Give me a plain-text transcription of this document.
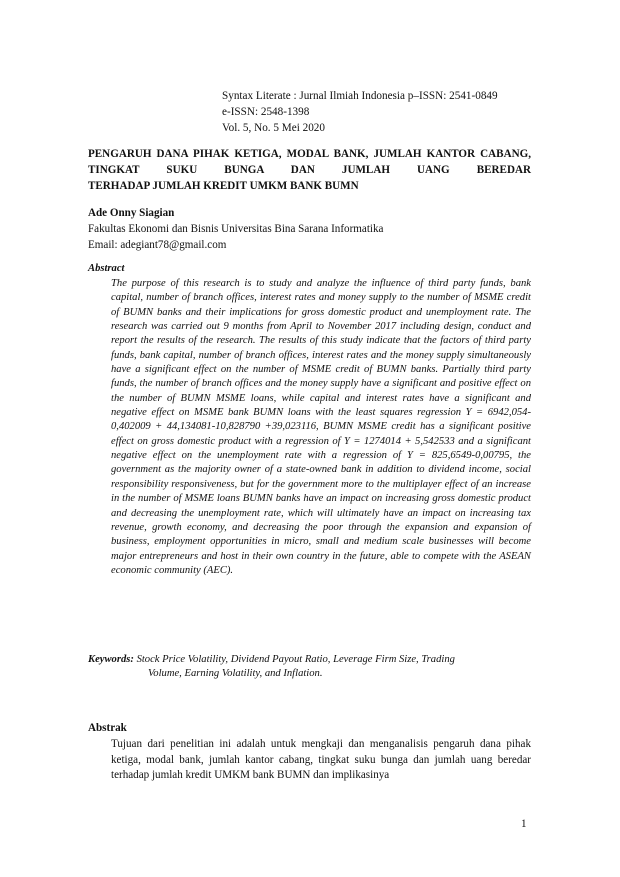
Syntax Literate : Jurnal Ilmiah Indonesia p–ISSN: 2541-0849
e-ISSN: 2548-1398
Vol. 5, No. 5 Mei 2020
PENGARUH DANA PIHAK KETIGA, MODAL BANK, JUMLAH KANTOR CABANG, TINGKAT SUKU BUNGA DAN JUMLAH UANG BEREDAR
TERHADAP JUMLAH KREDIT UMKM BANK BUMN
Ade Onny Siagian
Fakultas Ekonomi dan Bisnis Universitas Bina Sarana Informatika
Email: adegiant78@gmail.com
Abstract
The purpose of this research is to study and analyze the influence of third party funds, bank capital, number of branch offices, interest rates and money supply to the number of MSME credit of BUMN banks and their implications for gross domestic product and unemployment rate. The research was carried out 9 months from April to November 2017 including design, conduct and report the results of the research. The results of this study indicate that the factors of third party funds, bank capital, number of branch offices, interest rates and the money supply simultaneously have a significant effect on the number of MSME credit of BUMN banks. Partially third party funds, the number of branch offices and the money supply have a significant and positive effect on the number of BUMN MSME loans, while capital and interest rates have a significant and negative effect on MSME bank BUMN loans with the least squares regression Y = 6942,054-0,402009 + 44,134081-10,828790 +39,023116, BUMN MSME credit has a significant positive effect on gross domestic product with a regression of Y = 1274014 + 5,542533 and a significant negative effect on the unemployment rate with a regression of Y = 825,6549-0,00795, the government as the majority owner of a state-owned bank in addition to dividend income, social responsibility responsiveness, but for the government more to the multiplayer effect of an increase in the number of MSME loans BUMN banks have an impact on increasing gross domestic product and decreasing the unemployment rate, which will ultimately have an impact on increasing tax revenue, growth economy, and decreasing the poor through the expansion and expansion of business, employment opportunities in micro, small and medium scale businesses will become major entrepreneurs and host in their own country in the future, able to compete with the ASEAN economic community (AEC).
Keywords: Stock Price Volatility, Dividend Payout Ratio, Leverage Firm Size, Trading
Volume, Earning Volatility, and Inflation.
Abstrak
Tujuan dari penelitian ini adalah untuk mengkaji dan menganalisis pengaruh dana pihak ketiga, modal bank, jumlah kantor cabang, tingkat suku bunga dan jumlah uang beredar terhadap jumlah kredit UMKM bank BUMN dan implikasinya
1
